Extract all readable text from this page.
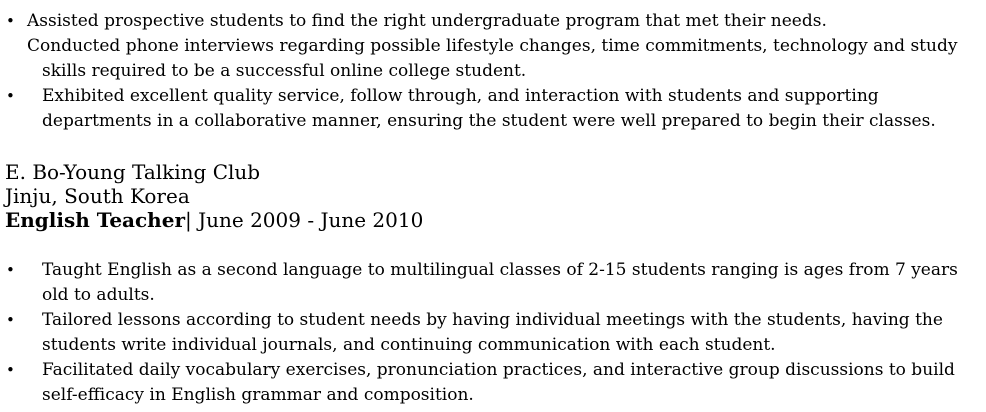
• Assisted prospective students to find the right undergraduate program that met their needs.
Conducted phone interviews regarding possible lifestyle changes, time commitments, technology and study skills required to be a successful online college student.
• Exhibited excellent quality service, follow through, and interaction with students and supporting departments in a collaborative manner, ensuring the student were well prepared to begin their classes.
E. Bo-Young Talking Club
Jinju, South Korea
English Teacher| June 2009 - June 2010
• Taught English as a second language to multilingual classes of 2-15 students ranging is ages from 7 years old to adults.
• Tailored lessons according to student needs by having individual meetings with the students, having the students write individual journals, and continuing communication with each student.
• Facilitated daily vocabulary exercises, pronunciation practices, and interactive group discussions to build self-efficacy in English grammar and composition.
